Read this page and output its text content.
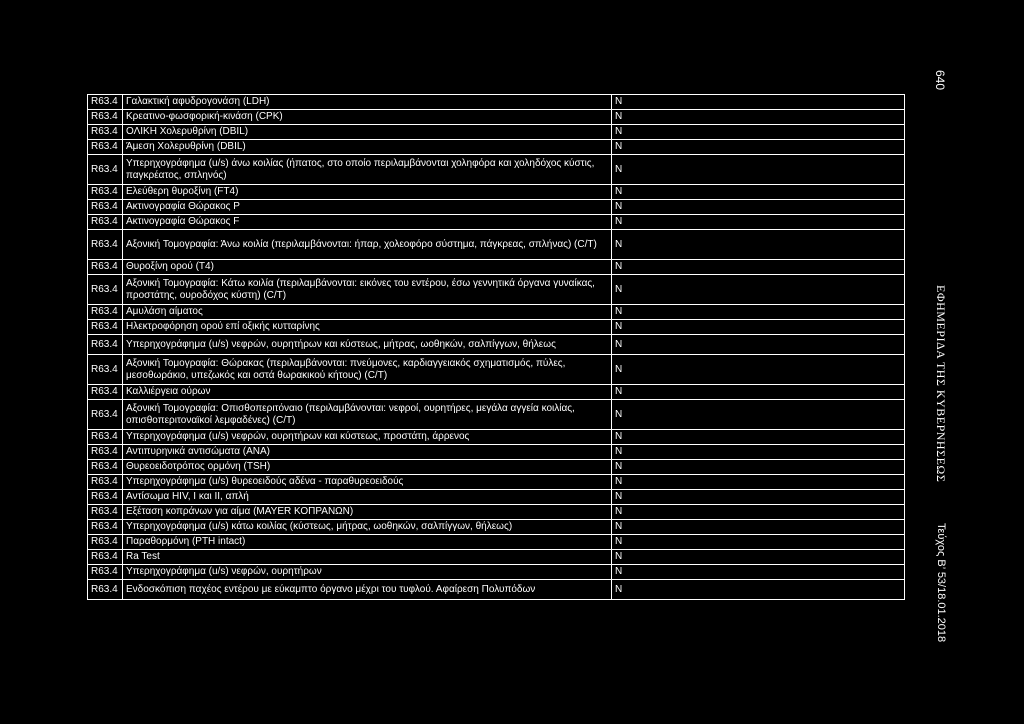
R63.4	Γαλακτική αφυδρογονάση (LDH)	N
R63.4	Κρεατινο-φωσφορική-κινάση (CPK)	N
R63.4	ΟΛΙΚΗ Χολερυθρίνη (DBIL)	N
R63.4	Άμεση Χολερυθρίνη (DBIL)	N
R63.4	Υπερηχογράφημα (u/s) άνω κοιλίας (ήπατος, στο οποίο περιλαμβάνονται χοληφόρα και χοληδόχος κύστις, παγκρέατος, σπληνός)	N
R63.4	Ελεύθερη θυροξίνη (FT4)	N
R63.4	Ακτινογραφία Θώρακος P	N
R63.4	Ακτινογραφία Θώρακος F	N
R63.4	Αξονική Τομογραφία: Άνω κοιλία (περιλαμβάνονται: ήπαρ, χολεοφόρο σύστημα, πάγκρεας, σπλήνας) (C/T)	N
R63.4	Θυροξίνη ορού (T4)	N
R63.4	Αξονική Τομογραφία: Κάτω κοιλία (περιλαμβάνονται: εικόνες του εντέρου, έσω γεννητικά όργανα γυναίκας, προστάτης, ουροδόχος κύστη) (C/T)	N
R63.4	Αμυλάση αίματος	N
R63.4	Ηλεκτροφόρηση ορού επί οξικής κυτταρίνης	N
R63.4	Υπερηχογράφημα (u/s) νεφρών, ουρητήρων και κύστεως, μήτρας, ωοθηκών, σαλπίγγων, θήλεως	N
R63.4	Αξονική Τομογραφία: Θώρακας (περιλαμβάνονται: πνεύμονες, καρδιαγγειακός σχηματισμός, πύλες, μεσοθωράκιο, υπεζωκός και οστά θωρακικού κήτους) (C/T)	N
R63.4	Καλλιέργεια ούρων	N
R63.4	Αξονική Τομογραφία: Οπισθοπεριτόναιο (περιλαμβάνονται: νεφροί, ουρητήρες, μεγάλα αγγεία κοιλίας, οπισθοπεριτοναϊκοί λεμφαδένες) (C/T)	N
R63.4	Υπερηχογράφημα (u/s) νεφρών, ουρητήρων και κύστεως, προστάτη, άρρενος	N
R63.4	Αντιπυρηνικά αντισώματα (ANA)	N
R63.4	Θυρεοειδοτρόπος ορμόνη (TSH)	N
R63.4	Υπερηχογράφημα (u/s) θυρεοειδούς αδένα - παραθυρεοειδούς	N
R63.4	Αντίσωμα HIV, I και II, απλή	N
R63.4	Εξέταση κοπράνων για αίμα (MAYER ΚΟΠΡΑΝΩΝ)	N
R63.4	Υπερηχογράφημα (u/s) κάτω κοιλίας (κύστεως, μήτρας, ωοθηκών, σαλπίγγων, θήλεως)	N
R63.4	Παραθορμόνη (PTH intact)	N
R63.4	Ra Test	N
R63.4	Υπερηχογράφημα (u/s) νεφρών, ουρητήρων	N
R63.4	Ενδοσκόπιση παχέος εντέρου με εύκαμπτο όργανο μέχρι του τυφλού. Αφαίρεση Πολυπόδων	N
640
ΕΦΗΜΕΡΙΔΑ ΤΗΣ ΚΥΒΕΡΝΗΣΕΩΣ
Τεύχος Β’ 53/18.01.2018
